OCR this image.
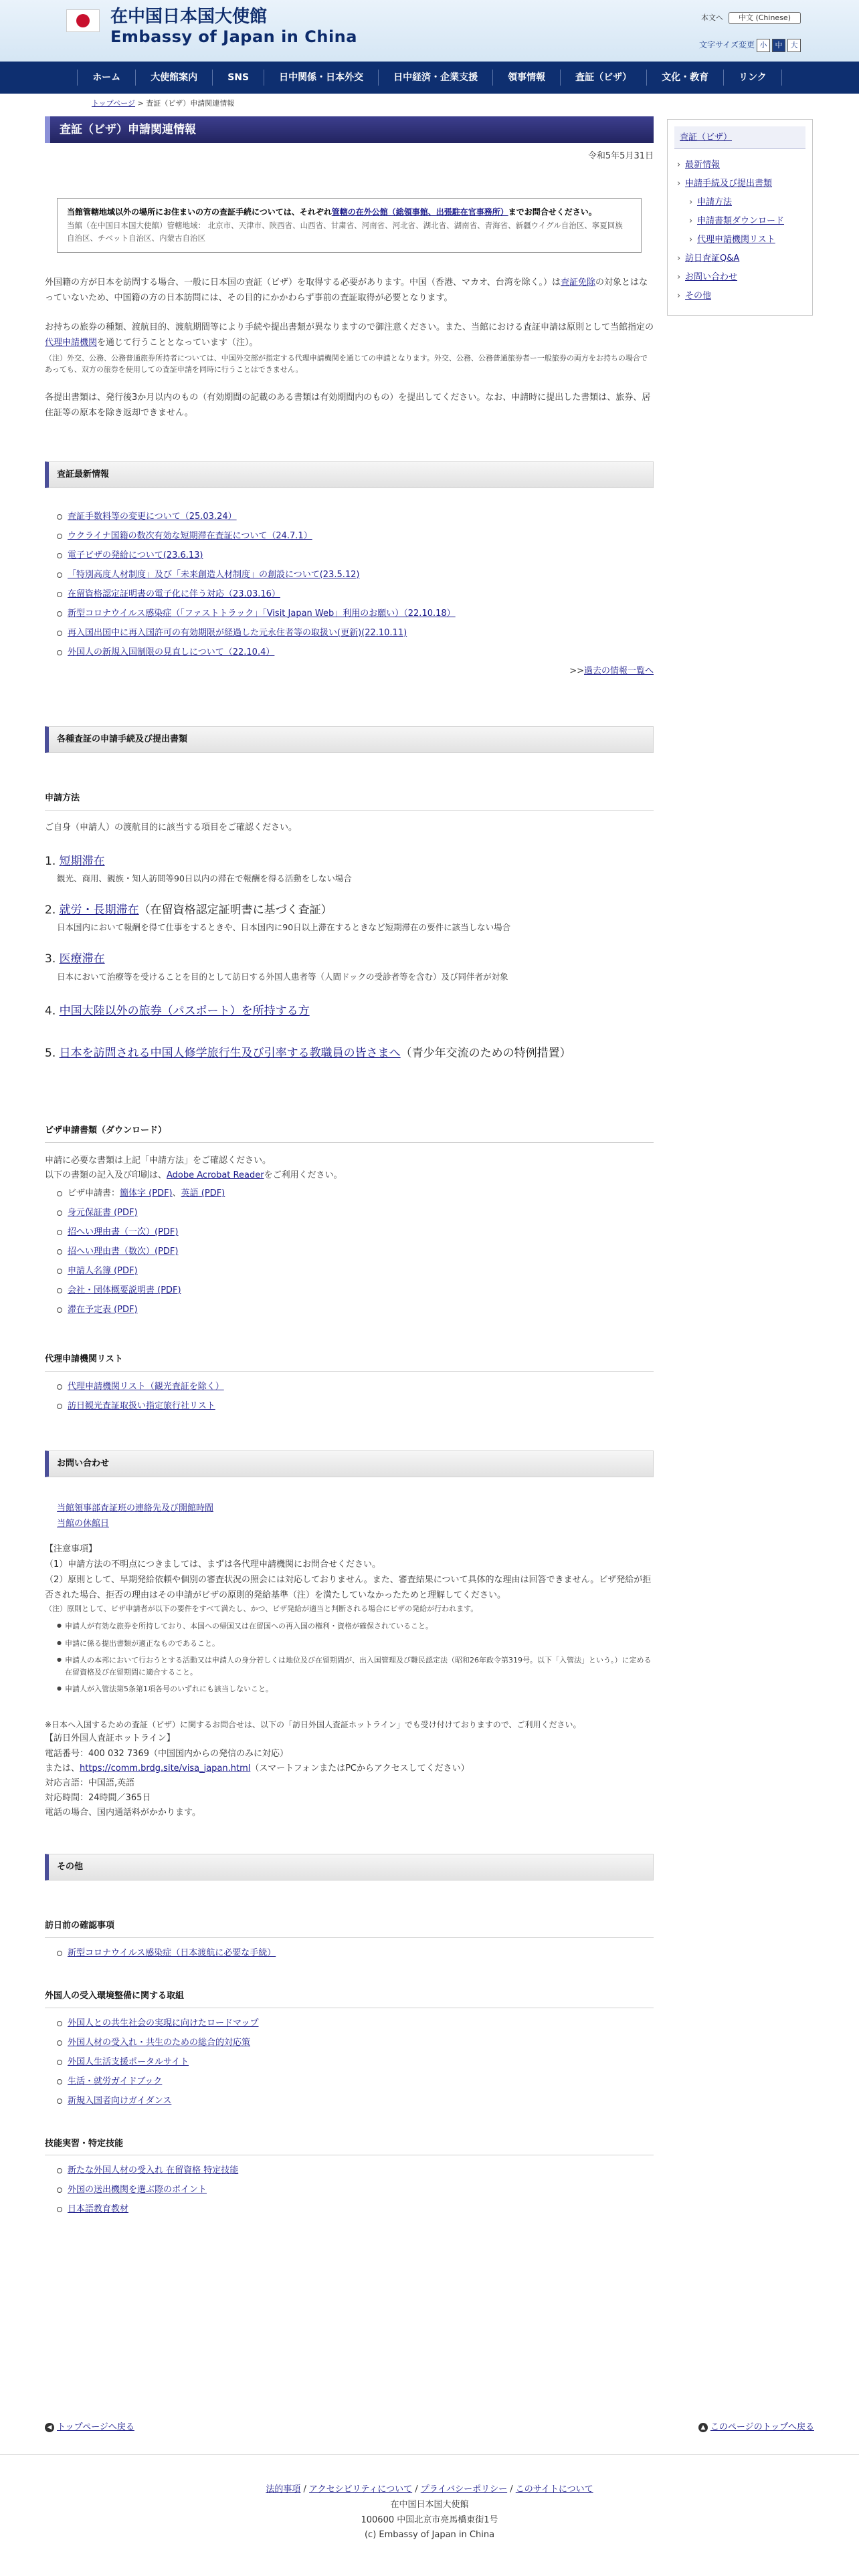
在中国日本国大使館
Embassy of Japan in China
本文へ	中文 (Chinese)
文字サイズ変更 小	中	大
ホーム	大使館案内	SNS	日中関係・日本外交	日中経済・企業支援	領事情報	査証（ビザ）	文化・教育	リンク
トップページ > 査証（ビザ）申請関連情報
査証（ビザ）申請関連情報
令和5年5月31日
当館管轄地域以外の場所にお住まいの方の査証手続については、それぞれ管轄の在外公館（総領事館、出張駐在官事務所）までお問合せください。
当館（在中国日本国大使館）管轄地域： 北京市、天津市、陝西省、山西省、甘粛省、河南省、河北省、湖北省、湖南省、青海省、新疆ウイグル自治区、寧夏回族 自治区、チベット自治区、内蒙古自治区
外国籍の方が日本を訪問する場合、一般に日本国の査証（ビザ）を取得する必要があります。中国（香港、マカオ、台湾を除く。）は査証免除の対象とはなっていないため、中国籍の方の日本訪問には、その目的にかかわらず事前の査証取得が必要となります。
お持ちの旅券の種類、渡航目的、渡航期間等により手続や提出書類が異なりますので御注意ください。また、当館における査証申請は原則として当館指定の代理申請機関を通じて行うこととなっています（注）。
（注）外交、公務、公務普通旅券所持者については、中国外交部が指定する代理申請機関を通じての申請となります。外交、公務、公務普通旅券者ー一般旅券の両方をお持ちの場合であっても、双方の旅券を使用しての査証申請を同時に行うことはできません。
各提出書類は、発行後3か月以内のもの（有効期間の記載のある書類は有効期間内のもの）を提出してください。なお、申請時に提出した書類は、旅券、居住証等の原本を除き返却できません。
査証最新情報
査証手数料等の変更について（25.03.24）
ウクライナ国籍の数次有効な短期滞在査証について（24.7.1）
電子ビザの発給について(23.6.13)
「特別高度人材制度」及び「未来創造人材制度」の創設について(23.5.12)
在留資格認定証明書の電子化に伴う対応（23.03.16）
新型コロナウイルス感染症（「ファストトラック」「Visit Japan Web」利用のお願い）（22.10.18）
再入国出国中に再入国許可の有効期限が経過した元永住者等の取扱い(更新)(22.10.11)
外国人の新規入国制限の見直しについて（22.10.4）
>>過去の情報一覧へ
各種査証の申請手続及び提出書類
申請方法
ご自身（申請人）の渡航目的に該当する項目をご確認ください。
1. 短期滞在
観光、商用、親族・知人訪問等90日以内の滞在で報酬を得る活動をしない場合
2. 就労・長期滞在（在留資格認定証明書に基づく査証）
日本国内において報酬を得て仕事をするときや、日本国内に90日以上滞在するときなど短期滞在の要件に該当しない場合
3. 医療滞在
日本において治療等を受けることを目的として訪日する外国人患者等（人間ドックの受診者等を含む）及び同伴者が対象
4. 中国大陸以外の旅券（パスポート）を所持する方
5. 日本を訪問される中国人修学旅行生及び引率する教職員の皆さまへ（青少年交流のための特例措置）
ビザ申請書類（ダウンロード）
申請に必要な書類は上記「申請方法」をご確認ください。
以下の書類の記入及び印刷は、Adobe Acrobat Readerをご利用ください。
ビザ申請書：簡体字 (PDF)、英語 (PDF)
身元保証書 (PDF)
招へい理由書（一次）(PDF)
招へい理由書（数次）(PDF)
申請人名簿 (PDF)
会社・団体概要説明書 (PDF)
滞在予定表 (PDF)
代理申請機関リスト
代理申請機関リスト（観光査証を除く）
訪日観光査証取扱い指定旅行社リスト
お問い合わせ
当館領事部査証班の連絡先及び開館時間
当館の休館日
【注意事項】
（1）申請方法の不明点につきましては、まずは各代理申請機関にお問合せください。
（2）原則として、早期発給依頼や個別の審査状況の照会には対応しておりません。また、審査結果について具体的な理由は回答できません。ビザ発給が拒否された場合、拒否の理由はその申請がビザの原則的発給基準（注）を満たしていなかったためと理解してください。
（注）原則として、ビザ申請者が以下の要件をすべて満たし、かつ、ビザ発給が適当と判断される場合にビザの発給が行われます。
● 申請人が有効な旅券を所持しており、本国への帰国又は在留国への再入国の権利・資格が確保されていること。
● 申請に係る提出書類が適正なものであること。
● 申請人の本邦において行おうとする活動又は申請人の身分若しくは地位及び在留期間が、出入国管理及び難民認定法（昭和26年政令第319号。以下「入管法」という。）に定める在留資格及び在留期間に適合すること。
● 申請人が入管法第5条第1項各号のいずれにも該当しないこと。
※日本へ入国するための査証（ビザ）に関するお問合せは、以下の「訪日外国人査証ホットライン」でも受け付けておりますので、ご利用ください。
【訪日外国人査証ホットライン】
電話番号：400 032 7369（中国国内からの発信のみに対応）
または、https://comm.brdg.site/visa_japan.html（スマートフォンまたはPCからアクセスしてください）
対応言語：中国語,英語
対応時間：24時間／365日
電話の場合、国内通話料がかかります。
その他
訪日前の確認事項
新型コロナウイルス感染症（日本渡航に必要な手続）
外国人の受入環境整備に関する取組
外国人との共生社会の実現に向けたロードマップ
外国人材の受入れ・共生のための総合的対応策
外国人生活支援ポータルサイト
生活・就労ガイドブック
新規入国者向けガイダンス
技能実習・特定技能
新たな外国人材の受入れ 在留資格 特定技能
外国の送出機関を選ぶ際のポイント
日本語教育教材
査証（ビザ）
› 最新情報
› 申請手続及び提出書類
› 申請方法
› 申請書類ダウンロード
› 代理申請機関リスト
› 訪日査証Q&A
› お問い合わせ
› その他
◀ トップページへ戻る	▲ このページのトップへ戻る
法的事項 / アクセシビリティについて / プライバシーポリシー / このサイトについて
在中国日本国大使館
100600 中国北京市亮馬橋東街1号
(c) Embassy of Japan in China
